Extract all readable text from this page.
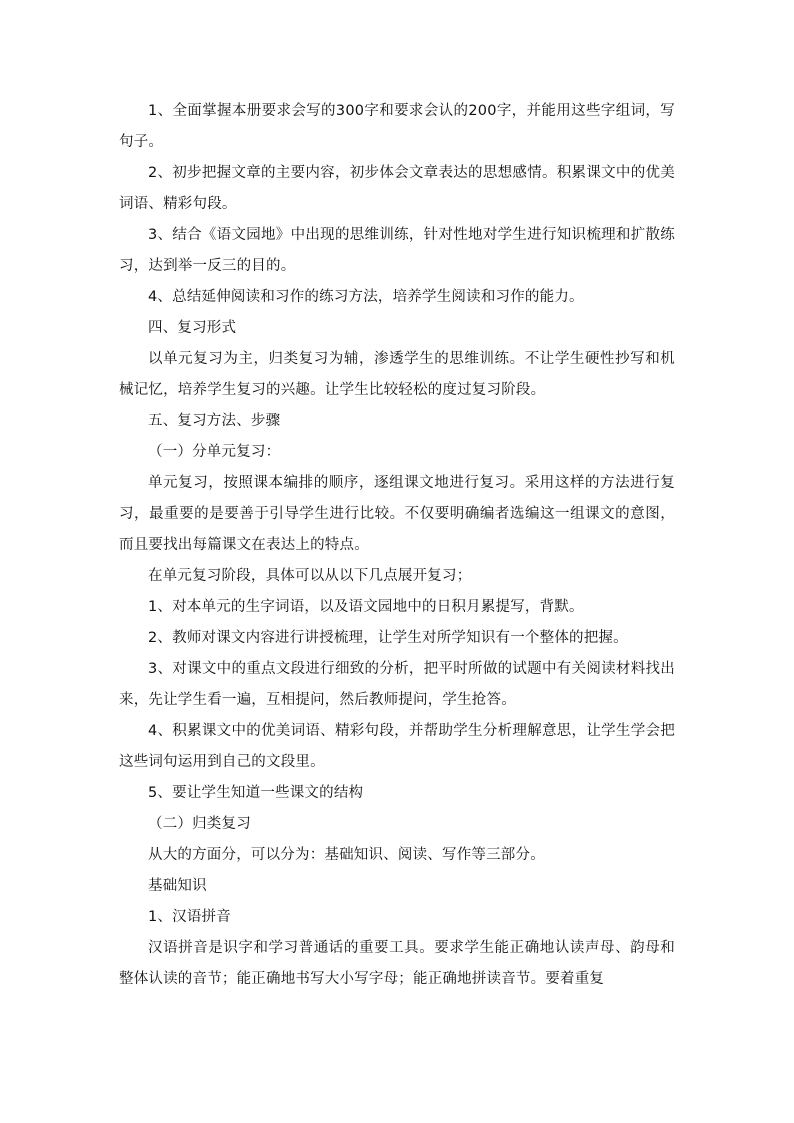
1、全面掌握本册要求会写的300字和要求会认的200字，并能用这些字组词，写句子。

2、初步把握文章的主要内容，初步体会文章表达的思想感情。积累课文中的优美词语、精彩句段。

3、结合《语文园地》中出现的思维训练，针对性地对学生进行知识梳理和扩散练习，达到举一反三的目的。

4、总结延伸阅读和习作的练习方法，培养学生阅读和习作的能力。

四、复习形式

以单元复习为主，归类复习为辅，渗透学生的思维训练。不让学生硬性抄写和机械记忆，培养学生复习的兴趣。让学生比较轻松的度过复习阶段。

五、复习方法、步骤

（一）分单元复习：

单元复习，按照课本编排的顺序，逐组课文地进行复习。采用这样的方法进行复习，最重要的是要善于引导学生进行比较。不仅要明确编者选编这一组课文的意图，而且要找出每篇课文在表达上的特点。

在单元复习阶段，具体可以从以下几点展开复习；

1、对本单元的生字词语，以及语文园地中的日积月累提写，背默。

2、教师对课文内容进行讲授梳理，让学生对所学知识有一个整体的把握。

3、对课文中的重点文段进行细致的分析，把平时所做的试题中有关阅读材料找出来，先让学生看一遍，互相提问，然后教师提问，学生抢答。

4、积累课文中的优美词语、精彩句段，并帮助学生分析理解意思，让学生学会把这些词句运用到自己的文段里。

5、要让学生知道一些课文的结构

（二）归类复习

从大的方面分，可以分为：基础知识、阅读、写作等三部分。

基础知识

1、汉语拼音

汉语拼音是识字和学习普通话的重要工具。要求学生能正确地认读声母、韵母和整体认读的音节；能正确地书写大小写字母；能正确地拼读音节。要着重复
